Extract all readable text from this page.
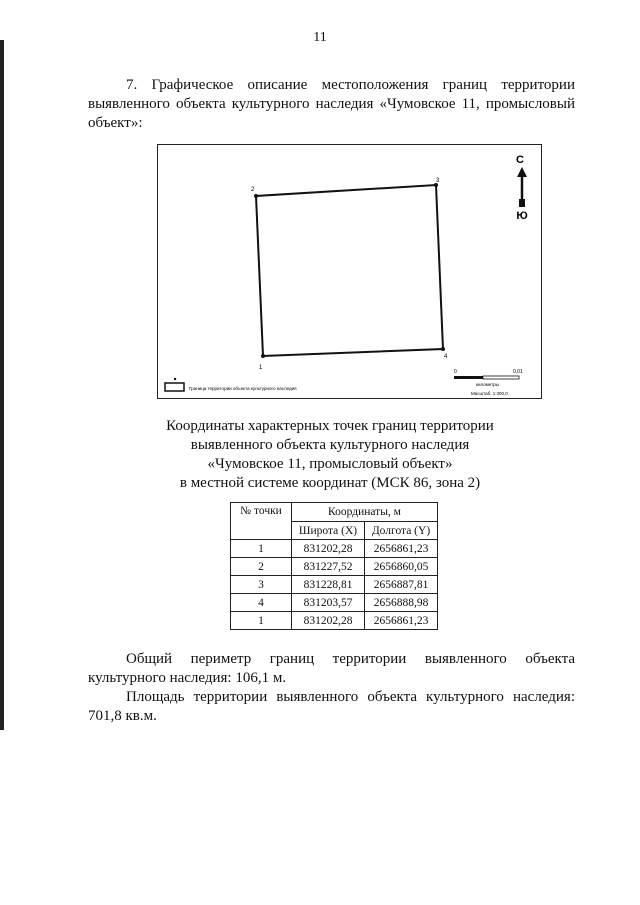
11
7. Графическое описание местоположения границ территории
выявленного объекта культурного наследия «Чумовское 11, промысловый
объект»:
1
2
3
4
С
Ю
Граница территории объекта культурного наследия
0	0,01
километры
Масштаб: 1:300,0
Координаты характерных точек границ территории
выявленного объекта культурного наследия
«Чумовское 11, промысловый объект»
в местной системе координат (МСК 86, зона 2)
№ точки	Координаты, м	
	Широта (X)	Долгота (Y)
1	831202,28	2656861,23
2	831227,52	2656860,05
3	831228,81	2656887,81
4	831203,57	2656888,98
1	831202,28	2656861,23
Общий периметр границ территории выявленного объекта
культурного наследия: 106,1 м.
Площадь территории выявленного объекта культурного наследия:
701,8 кв.м.
